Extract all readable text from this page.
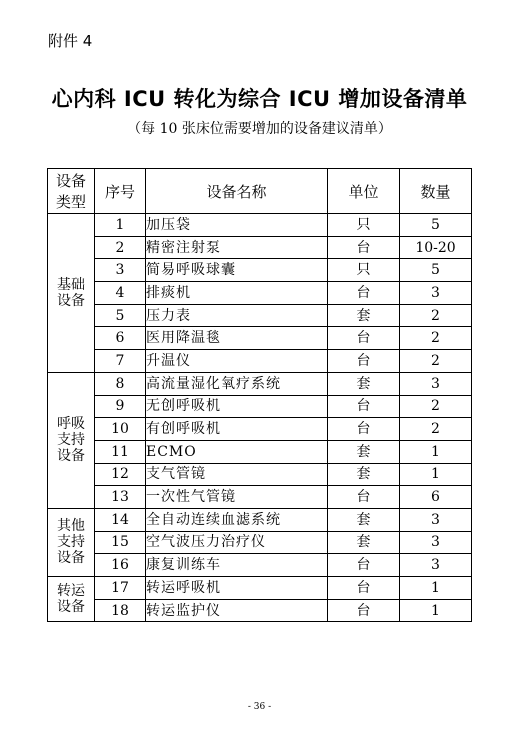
附件 4
心内科 ICU 转化为综合 ICU 增加设备清单
（每 10 张床位需要增加的设备建议清单）
设备
类型	序号	设备名称	单位	数量
基础
设备	1	加压袋	只	5
	2	精密注射泵	台	10-20
	3	简易呼吸球囊	只	5
	4	排痰机	台	3
	5	压力表	套	2
	6	医用降温毯	台	2
	7	升温仪	台	2
呼吸
支持
设备	8	高流量湿化氧疗系统	套	3
	9	无创呼吸机	台	2
	10	有创呼吸机	台	2
	11	ECMO	套	1
	12	支气管镜	套	1
	13	一次性气管镜	台	6
其他
支持
设备	14	全自动连续血滤系统	套	3
	15	空气波压力治疗仪	套	3
	16	康复训练车	台	3
转运
设备	17	转运呼吸机	台	1
	18	转运监护仪	台	1
- 36 -
